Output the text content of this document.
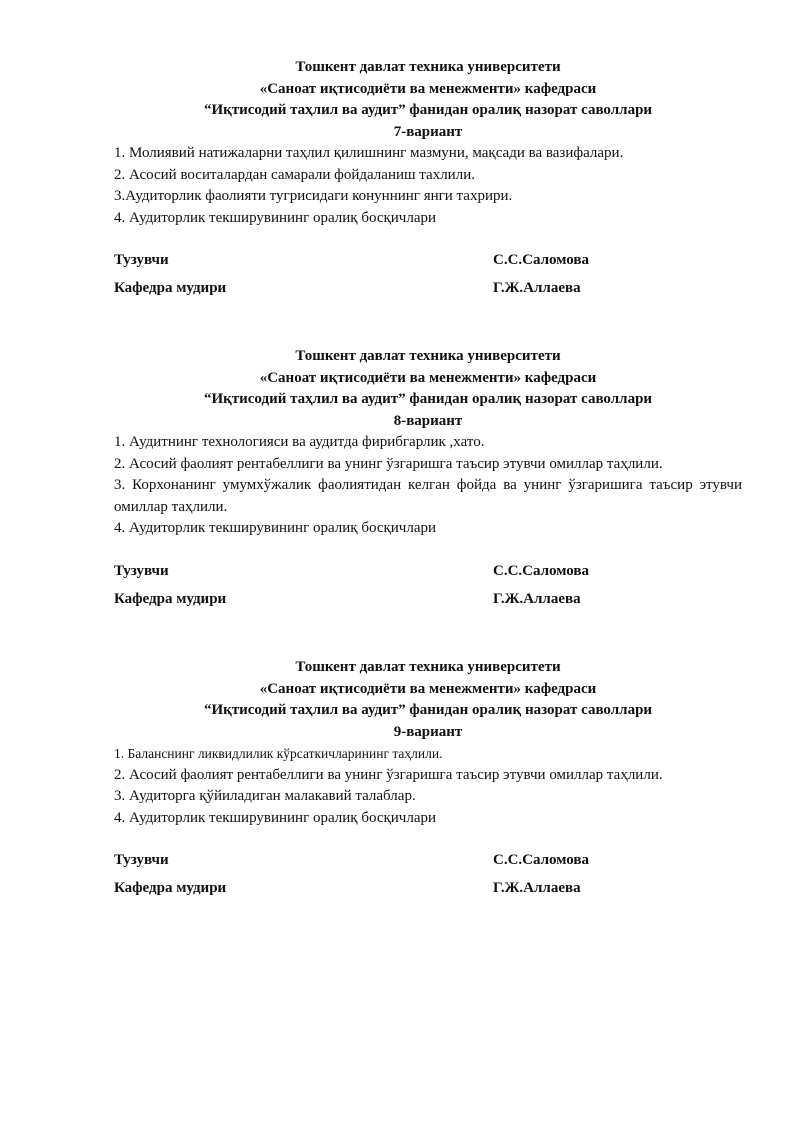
Тошкент давлат техника университети

«Саноат иқтисодиёти ва менежменти» кафедраси

“Иқтисодий таҳлил ва аудит” фанидан оралиқ назорат саволлари

7-вариант

1. Молиявий натижаларни таҳлил қилишнинг мазмуни, мақсади ва вазифалари.

2. Асосий воситалардан самарали фойдаланиш тахлили.

3.Аудиторлик фаолияти тугрисидаги конуннинг янги тахрири.

4. Аудиторлик текширувининг оралиқ босқичлари

Тузувчи	С.С.Саломова
Кафедра мудири	Г.Ж.Аллаева

Тошкент давлат техника университети

«Саноат иқтисодиёти ва менежменти» кафедраси

“Иқтисодий таҳлил ва аудит” фанидан оралиқ назорат саволлари

8-вариант

1. Аудитнинг технологияси ва аудитда фирибгарлик ,хато.

2. Асосий фаолият рентабеллиги ва унинг ўзгаришга таъсир этувчи омиллар таҳлили.

3. Корхонанинг умумхўжалик фаолиятидан келган фойда ва унинг ўзгаришига таъсир этувчи омиллар таҳлили.

4. Аудиторлик текширувининг оралиқ босқичлари

Тузувчи	С.С.Саломова
Кафедра мудири	Г.Ж.Аллаева

Тошкент давлат техника университети

«Саноат иқтисодиёти ва менежменти» кафедраси

“Иқтисодий таҳлил ва аудит” фанидан оралиқ назорат саволлари

9-вариант

1. Баланснинг ликвидлилик кўрсаткичларининг таҳлили.

2. Асосий фаолият рентабеллиги ва унинг ўзгаришга таъсир этувчи омиллар таҳлили.

3. Аудиторга қўйиладиган малакавий талаблар.

4. Аудиторлик текширувининг оралиқ босқичлари

Тузувчи	С.С.Саломова
Кафедра мудири	Г.Ж.Аллаева
